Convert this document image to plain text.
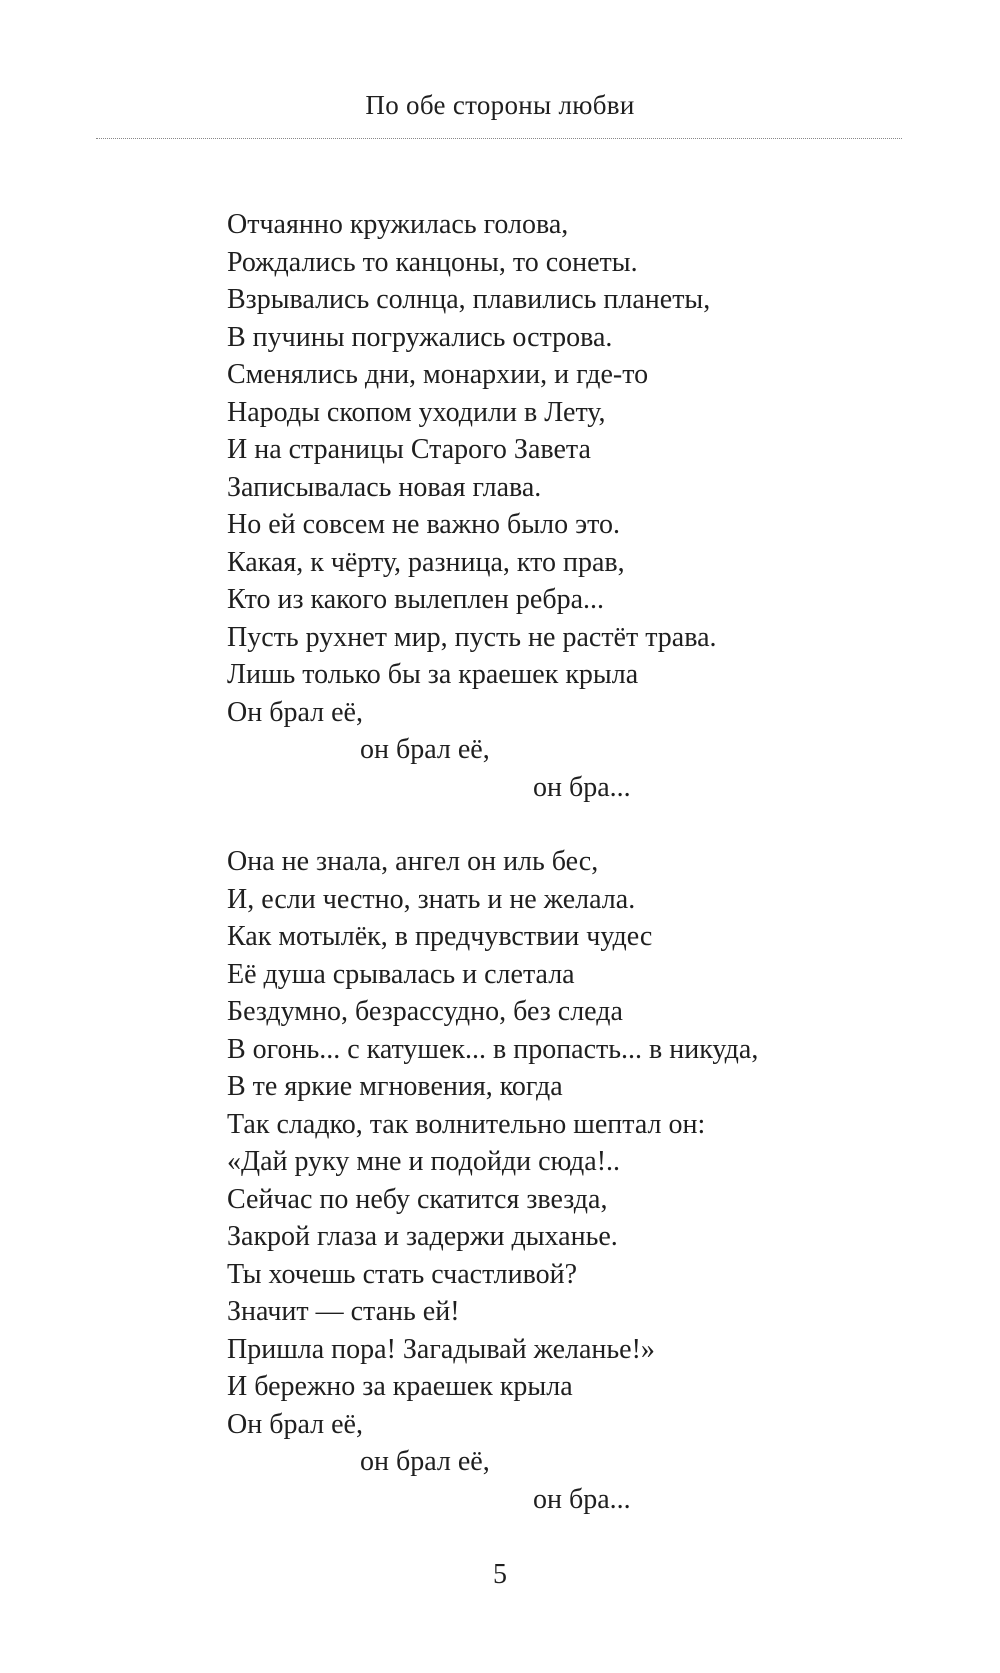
По обе стороны любви
Отчаянно кружилась голова,
Рождались то канцоны, то сонеты.
Взрывались солнца, плавились планеты,
В пучины погружались острова.
Сменялись дни, монархии, и где-то
Народы скопом уходили в Лету,
И на страницы Старого Завета
Записывалась новая глава.
Но ей совсем не важно было это.
Какая, к чёрту, разница, кто прав,
Кто из какого вылеплен ребра...
Пусть рухнет мир, пусть не растёт трава.
Лишь только бы за краешек крыла
Он брал её,
он брал её,
он бра...
Она не знала, ангел он иль бес,
И, если честно, знать и не желала.
Как мотылёк, в предчувствии чудес
Её душа срывалась и слетала
Бездумно, безрассудно, без следа
В огонь... с катушек... в пропасть... в никуда,
В те яркие мгновения, когда
Так сладко, так волнительно шептал он:
«Дай руку мне и подойди сюда!..
Сейчас по небу скатится звезда,
Закрой глаза и задержи дыханье.
Ты хочешь стать счастливой?
Значит — стань ей!
Пришла пора! Загадывай желанье!»
И бережно за краешек крыла
Он брал её,
он брал её,
он бра...
5
